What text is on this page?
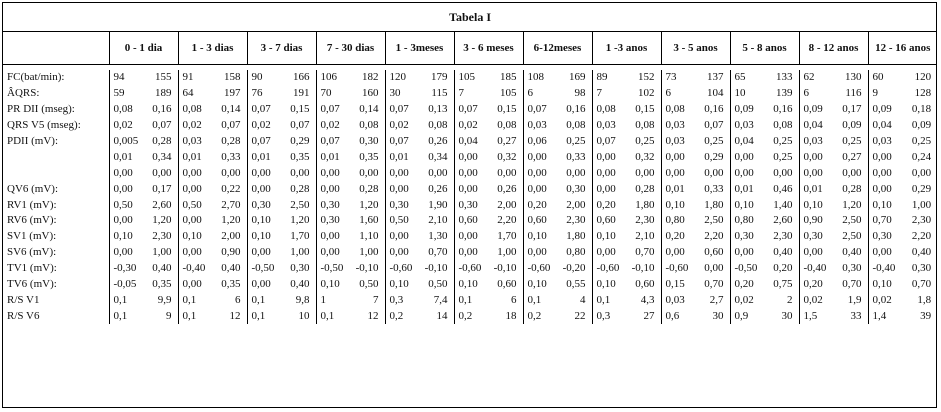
Tabela I																								
	0 - 1 dia		1 - 3 dias		3 - 7 dias		7 - 30 dias		1 - 3meses		3 - 6 meses		6-12meses		1 -3 anos		3 - 5 anos		5 - 8 anos		8 - 12 anos		12 - 16 anos	

FC(bat/min):	94	155	91	158	90	166	106	182	120	179	105	185	108	169	89	152	73	137	65	133	62	130	60	120
ÂQRS:	59	189	64	197	76	191	70	160	30	115	7	105	6	98	7	102	6	104	10	139	6	116	9	128
PR DII (mseg):	0,08	0,16	0,08	0,14	0,07	0,15	0,07	0,14	0,07	0,13	0,07	0,15	0,07	0,16	0,08	0,15	0,08	0,16	0,09	0,16	0,09	0,17	0,09	0,18
QRS V5 (mseg):	0,02	0,07	0,02	0,07	0,02	0,07	0,02	0,08	0,02	0,08	0,02	0,08	0,03	0,08	0,03	0,08	0,03	0,07	0,03	0,08	0,04	0,09	0,04	0,09
PDII (mV):	0,005	0,28	0,03	0,28	0,07	0,29	0,07	0,30	0,07	0,26	0,04	0,27	0,06	0,25	0,07	0,25	0,03	0,25	0,04	0,25	0,03	0,25	0,03	0,25
	0,01	0,34	0,01	0,33	0,01	0,35	0,01	0,35	0,01	0,34	0,00	0,32	0,00	0,33	0,00	0,32	0,00	0,29	0,00	0,25	0,00	0,27	0,00	0,24
	0,00	0,00	0,00	0,00	0,00	0,00	0,00	0,00	0,00	0,00	0,00	0,00	0,00	0,00	0,00	0,00	0,00	0,00	0,00	0,00	0,00	0,00	0,00	0,00
QV6 (mV):	0,00	0,17	0,00	0,22	0,00	0,28	0,00	0,28	0,00	0,26	0,00	0,26	0,00	0,30	0,00	0,28	0,01	0,33	0,01	0,46	0,01	0,28	0,00	0,29
RV1 (mV):	0,50	2,60	0,50	2,70	0,30	2,50	0,30	1,20	0,30	1,90	0,30	2,00	0,20	2,00	0,20	1,80	0,10	1,80	0,10	1,40	0,10	1,20	0,10	1,00
RV6 (mV):	0,00	1,20	0,00	1,20	0,10	1,20	0,30	1,60	0,50	2,10	0,60	2,20	0,60	2,30	0,60	2,30	0,80	2,50	0,80	2,60	0,90	2,50	0,70	2,30
SV1 (mV):	0,10	2,30	0,10	2,00	0,10	1,70	0,00	1,10	0,00	1,30	0,00	1,70	0,10	1,80	0,10	2,10	0,20	2,20	0,30	2,30	0,30	2,50	0,30	2,20
SV6 (mV):	0,00	1,00	0,00	0,90	0,00	1,00	0,00	1,00	0,00	0,70	0,00	1,00	0,00	0,80	0,00	0,70	0,00	0,60	0,00	0,40	0,00	0,40	0,00	0,40
TV1 (mV):	-0,30	0,40	-0,40	0,40	-0,50	0,30	-0,50	-0,10	-0,60	-0,10	-0,60	-0,10	-0,60	-0,20	-0,60	-0,10	-0,60	0,00	-0,50	0,20	-0,40	0,30	-0,40	0,30
TV6 (mV):	-0,05	0,35	0,00	0,35	0,00	0,40	0,10	0,50	0,10	0,50	0,10	0,60	0,10	0,55	0,10	0,60	0,15	0,70	0,20	0,75	0,20	0,70	0,10	0,70
R/S V1	0,1	9,9	0,1	6	0,1	9,8	1	7	0,3	7,4	0,1	6	0,1	4	0,1	4,3	0,03	2,7	0,02	2	0,02	1,9	0,02	1,8
R/S V6	0,1	9	0,1	12	0,1	10	0,1	12	0,2	14	0,2	18	0,2	22	0,3	27	0,6	30	0,9	30	1,5	33	1,4	39
